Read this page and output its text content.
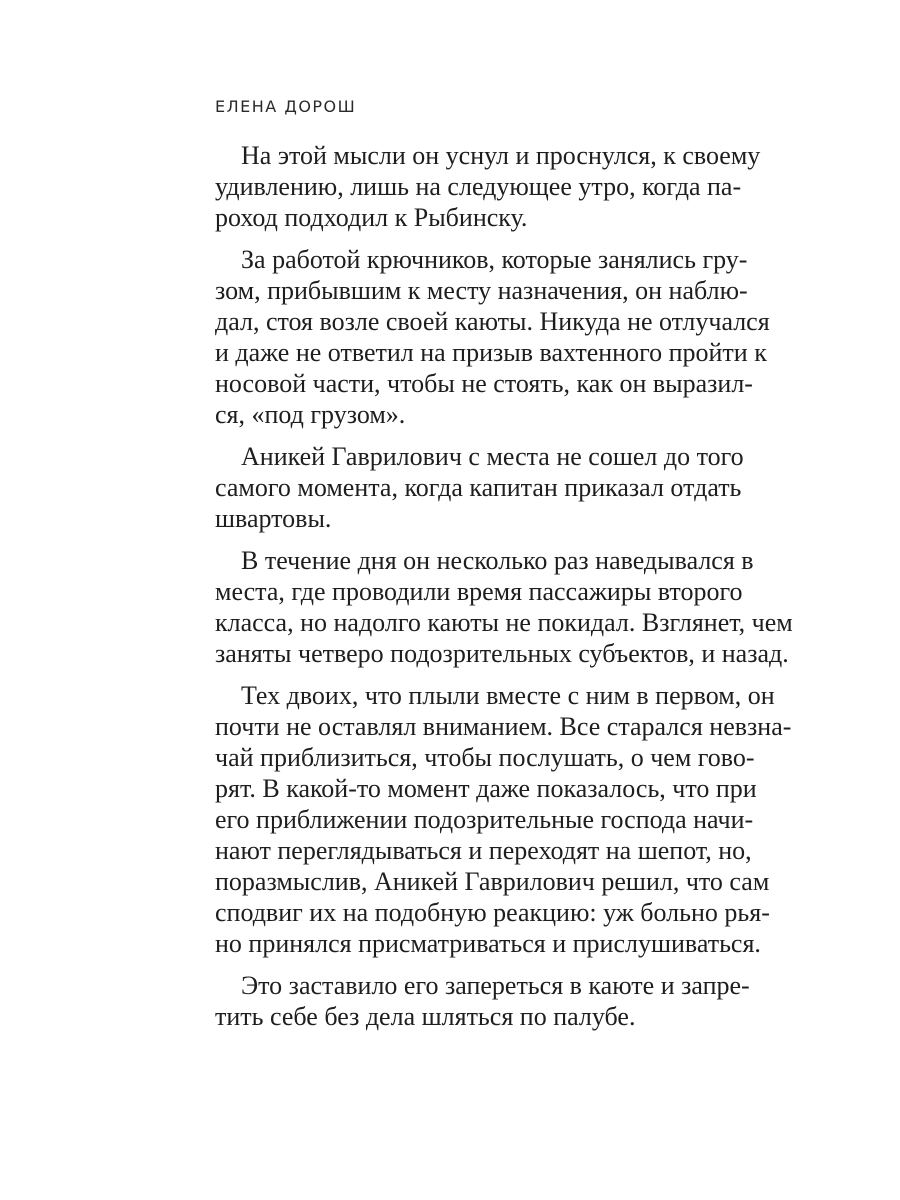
ЕЛЕНА ДОРОШ

На этой мысли он уснул и проснулся, к своему
удивлению, лишь на следующее утро, когда па-
роход подходил к Рыбинску.

За работой крючников, которые занялись гру-
зом, прибывшим к месту назначения, он наблю-
дал, стоя возле своей каюты. Никуда не отлучался
и даже не ответил на призыв вахтенного пройти к
носовой части, чтобы не стоять, как он выразил-
ся, «под грузом».

Аникей Гаврилович с места не сошел до того
самого момента, когда капитан приказал отдать
швартовы.

В течение дня он несколько раз наведывался в
места, где проводили время пассажиры второго
класса, но надолго каюты не покидал. Взглянет, чем
заняты четверо подозрительных субъектов, и назад.

Тех двоих, что плыли вместе с ним в первом, он
почти не оставлял вниманием. Все старался невзна-
чай приблизиться, чтобы послушать, о чем гово-
рят. В какой-то момент даже показалось, что при
его приближении подозрительные господа начи-
нают переглядываться и переходят на шепот, но,
поразмыслив, Аникей Гаврилович решил, что сам
сподвиг их на подобную реакцию: уж больно рья-
но принялся присматриваться и прислушиваться.

Это заставило его запереться в каюте и запре-
тить себе без дела шляться по палубе.
